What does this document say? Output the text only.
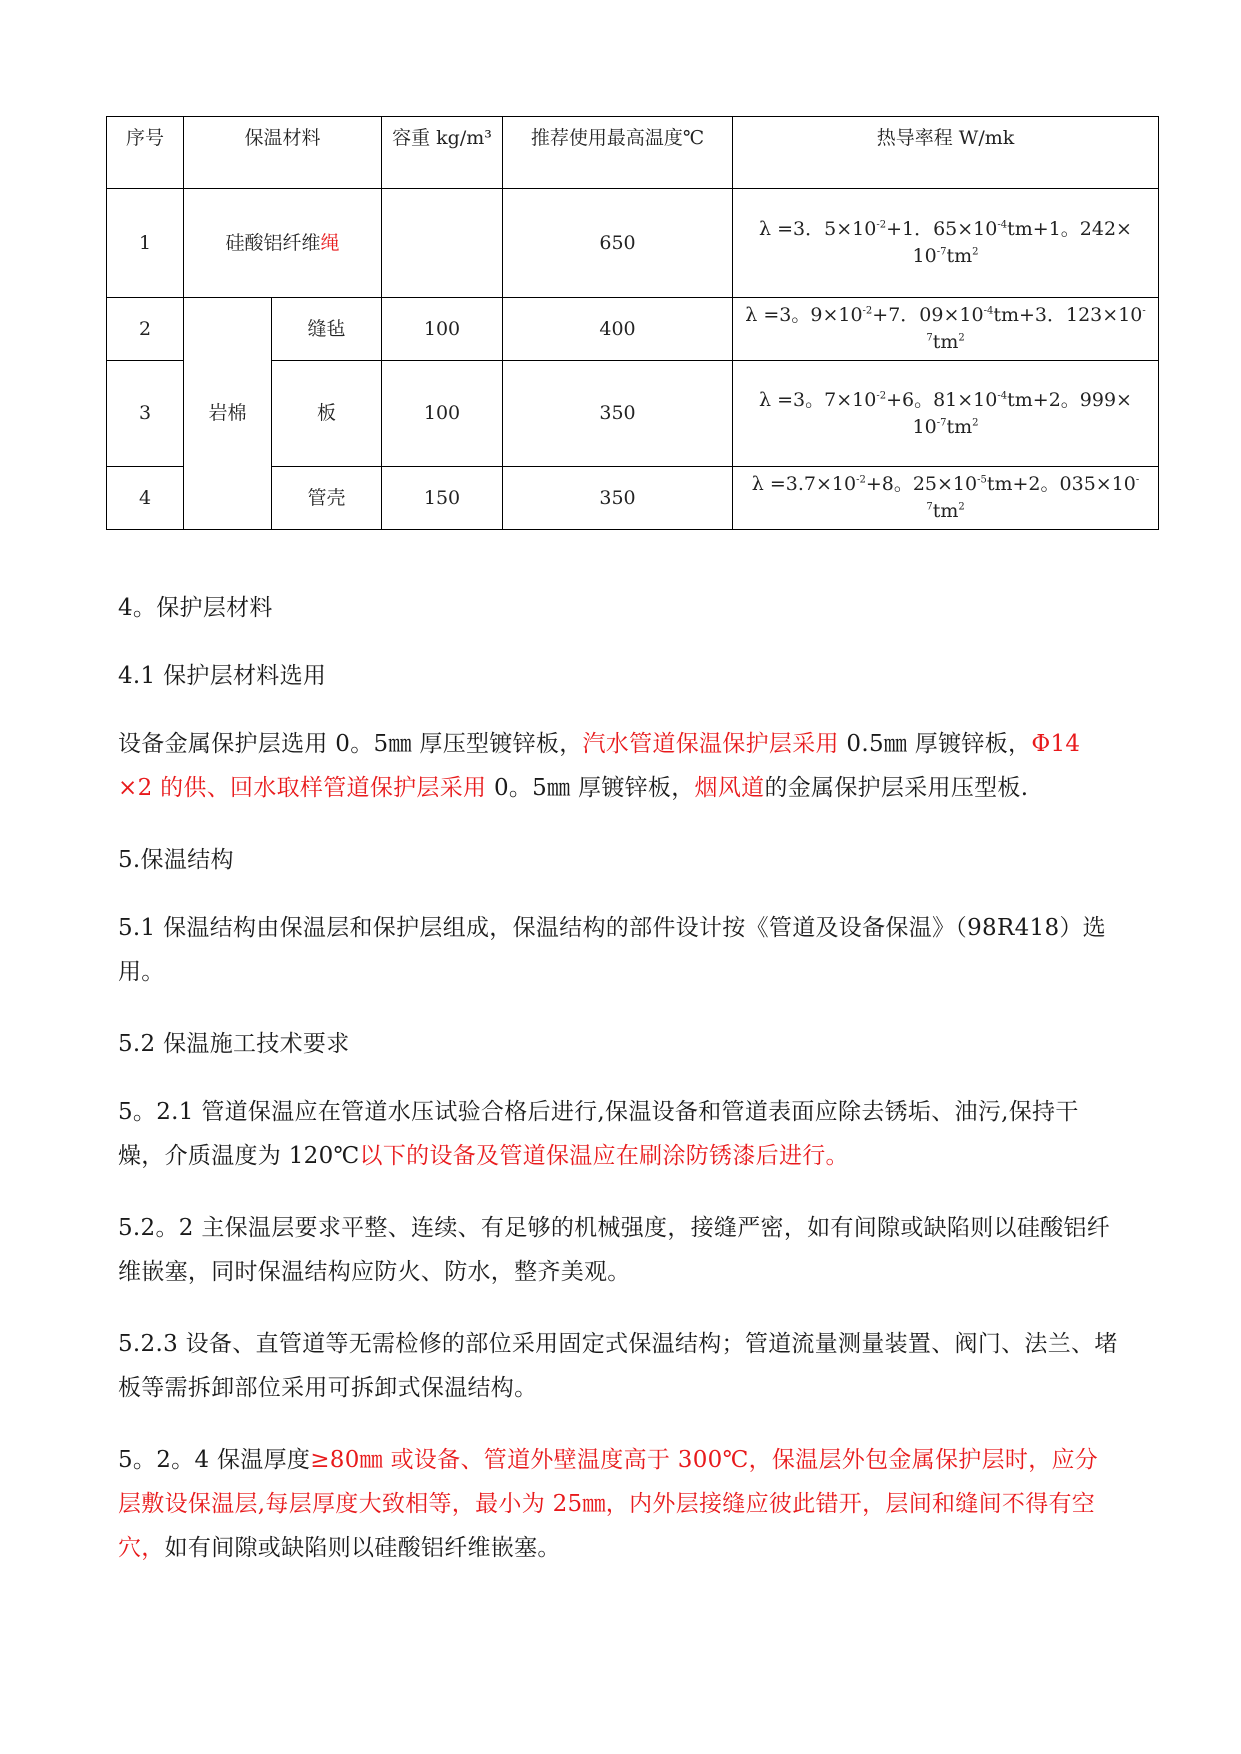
序号	保温材料		容重 kg/m³	推荐使用最高温度℃	热导率程 W/mk
1	硅酸铝纤维绳			650	λ =3．$5\times 10^{-2}+1$．$65\times 10^{-4}tm+1$。242×
$10^{-7}tm^2$
2	岩棉	缝毡	100	400	λ =3。$9\times 10^{-2}+7$．$09\times 10^{-4}tm+3$．$123\times 10^{-7}tm^2$
3		板	100	350	λ =3。$7\times 10^{-2}+6$。$81\times 10^{-4}tm+2$。999×
$10^{-7}tm^2$
4		管壳	150	350	$\lambda =3.7\times 10^{-2}+8$。$25\times 10^{-5}tm+2$。$035\times 10^{-7}tm^2$
4。保护层材料
4.1 保护层材料选用
设备金属保护层选用 0。5㎜ 厚压型镀锌板，汽水管道保温保护层采用 0.5㎜ 厚镀锌板，Φ14 ×2 的供、回水取样管道保护层采用 0。5㎜ 厚镀锌板，烟风道的金属保护层采用压型板.
5.保温结构
5.1 保温结构由保温层和保护层组成，保温结构的部件设计按《管道及设备保温》（98R418）选用。
5.2 保温施工技术要求
5。2.1 管道保温应在管道水压试验合格后进行,保温设备和管道表面应除去锈垢、油污,保持干燥，介质温度为 120℃以下的设备及管道保温应在刷涂防锈漆后进行。
5.2。2 主保温层要求平整、连续、有足够的机械强度，接缝严密，如有间隙或缺陷则以硅酸铝纤维嵌塞，同时保温结构应防火、防水，整齐美观。
5.2.3 设备、直管道等无需检修的部位采用固定式保温结构；管道流量测量装置、阀门、法兰、堵板等需拆卸部位采用可拆卸式保温结构。
5。2。4 保温厚度≥80㎜ 或设备、管道外壁温度高于 300℃，保温层外包金属保护层时，应分层敷设保温层,每层厚度大致相等，最小为 25㎜，内外层接缝应彼此错开，层间和缝间不得有空穴，如有间隙或缺陷则以硅酸铝纤维嵌塞。
